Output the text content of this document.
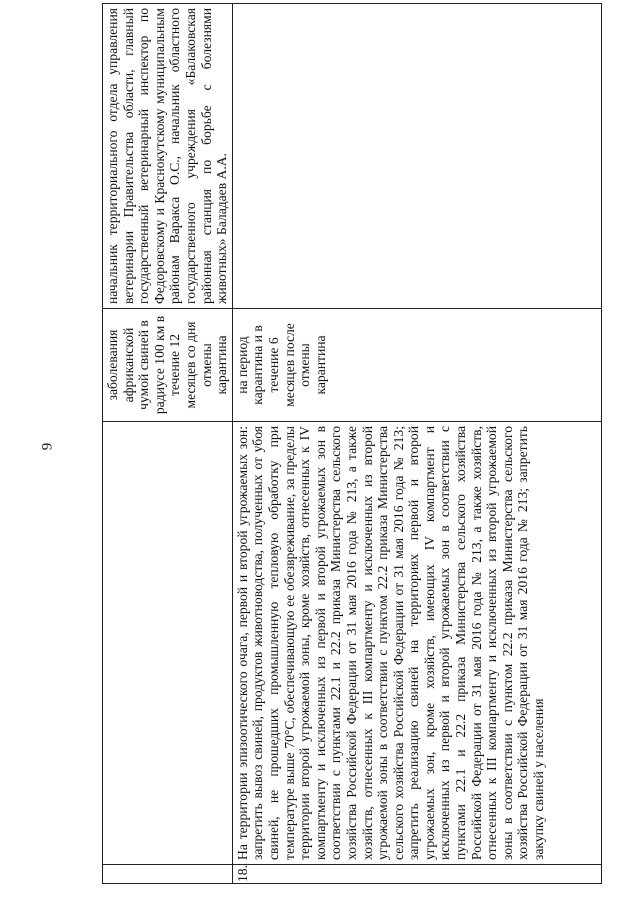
9
		заболевания африканской чумой свиней в радиусе 100 км в течение 12 месяцев со дня отмены карантина	начальник территориального отдела управления ветеринарии Правительства области, главный государственный ветеринарный инспектор по Федоровскому и Краснокутскому муниципальным районам Варакса О.С., начальник областного государственного учреждения «Балаковская районная станция по борьбе с болезнями животных» Баладаев А.А.
18.	На территории эпизоотического очага, первой и второй угрожаемых зон: запретить вывоз свиней, продуктов животноводства, полученных от убоя свиней, не прошедших промышленную тепловую обработку при температуре выше 70°С, обеспечивающую ее обезвреживание, за пределы территории второй угрожаемой зоны, кроме хозяйств, отнесенных к IV компартменту и исключенных из первой и второй угрожаемых зон в соответствии с пунктами 22.1 и 22.2 приказа Министерства сельского хозяйства Российской Федерации от 31 мая 2016 года № 213, а также хозяйств, отнесенных к III компартменту и исключенных из второй угрожаемой зоны в соответствии с пунктом 22.2 приказа Министерства сельского хозяйства Российской Федерации от 31 мая 2016 года № 213; запретить реализацию свиней на территориях первой и второй угрожаемых зон, кроме хозяйств, имеющих IV компартмент и исключенных из первой и второй угрожаемых зон в соответствии с пунктами 22.1 и 22.2 приказа Министерства сельского хозяйства Российской Федерации от 31 мая 2016 года № 213, а также хозяйств, отнесенных к III компартменту и исключенных из второй угрожаемой зоны в соответствии с пунктом 22.2 приказа Министерства сельского хозяйства Российской Федерации от 31 мая 2016 года № 213; запретить закупку свиней у населения	на период карантина и в течение 6 месяцев после отмены карантина	
